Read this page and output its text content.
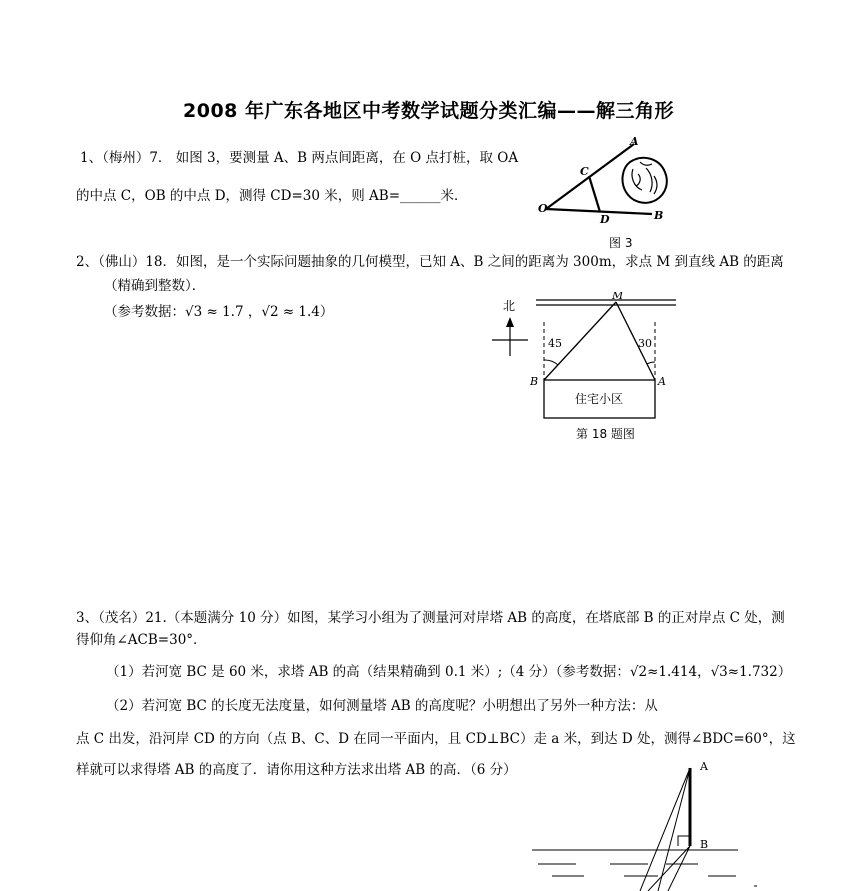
2008 年广东各地区中考数学试题分类汇编——解三角形
1、（梅州）7． 如图 3，要测量 A、B 两点间距离，在 O 点打桩，取 OA
的中点 C，OB 的中点 D，测得 CD=30 米，则 AB=______米．
O
C
D
A
B
图 3
2、（佛山）18．如图，是一个实际问题抽象的几何模型，已知 A、B 之间的距离为 300m，求点 M 到直线 AB 的距离
（精确到整数）．
（参考数据：√3 ≈ 1.7 ，√2 ≈ 1.4）	北
45	30
住宅小区
M
B	A
第 18 题图
3、（茂名）21.（本题满分 10 分）如图，某学习小组为了测量河对岸塔 AB 的高度，在塔底部 B 的正对岸点 C 处，测
得仰角∠ACB=30°．
（1）若河宽 BC 是 60 米，求塔 AB 的高（结果精确到 0.1 米）;（4 分）（参考数据：√2≈1.414，√3≈1.732）
（2）若河宽 BC 的长度无法度量，如何测量塔 AB 的高度呢？小明想出了另外一种方法：从
点 C 出发，沿河岸 CD 的方向（点 B、C、D 在同一平面内，且 CD⊥BC）走 a 米，到达 D 处，测得∠BDC=60°，这
样就可以求得塔 AB 的高度了．请你用这种方法求出塔 AB 的高．（6 分）	A
B
